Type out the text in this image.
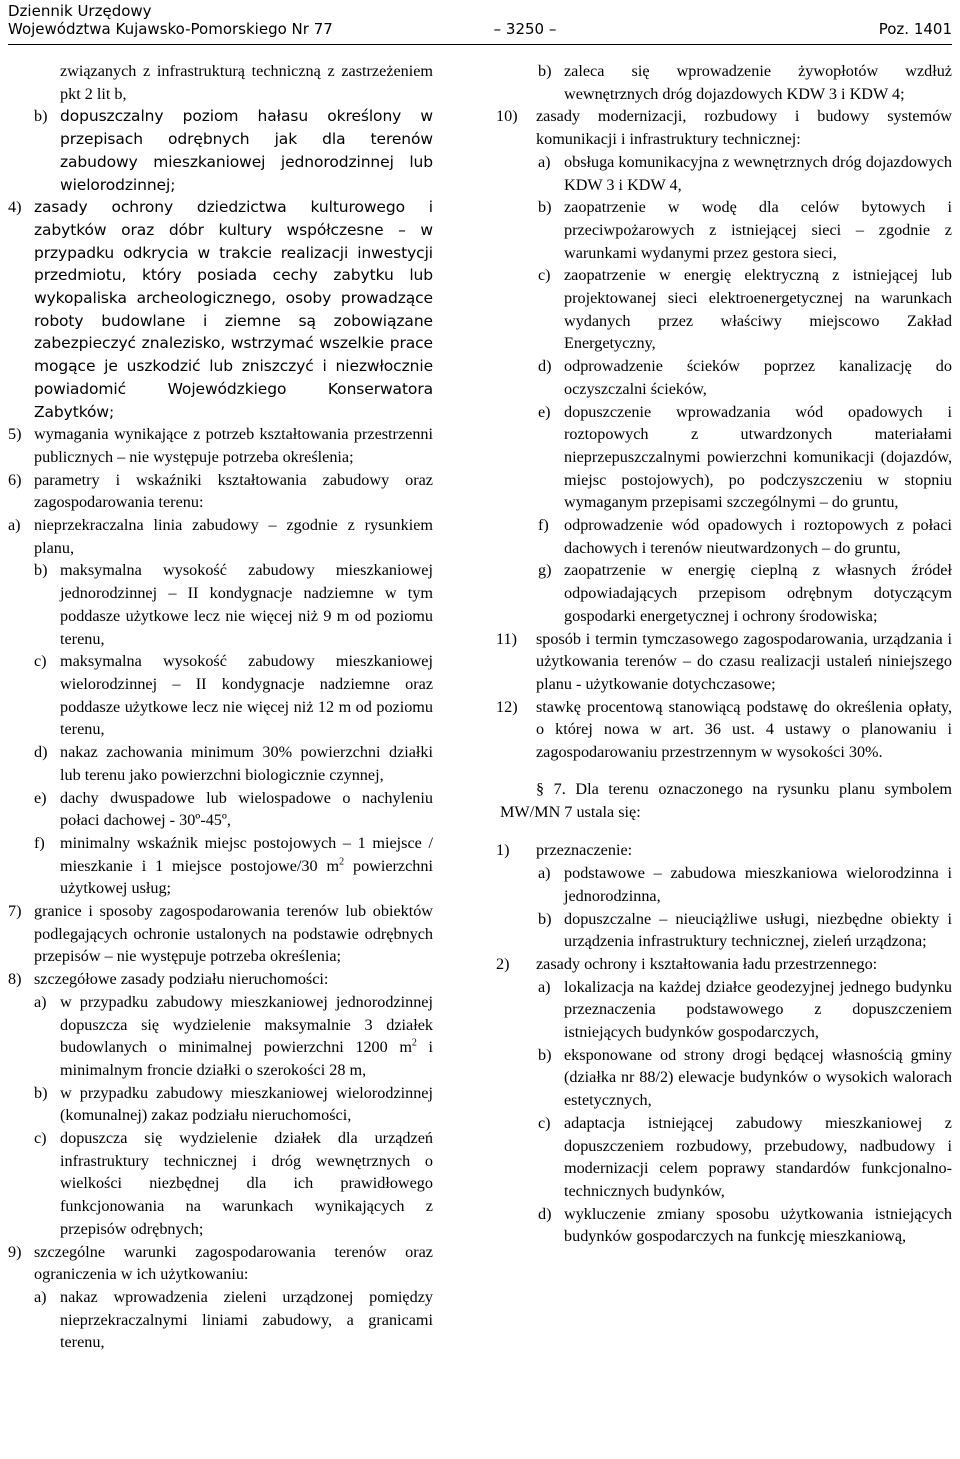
Dziennik Urzędowy
Województwa Kujawsko-Pomorskiego Nr 77	– 3250 –	Poz. 1401

związanych z infrastrukturą techniczną z zastrzeżeniem pkt 2 lit b,

b) dopuszczalny poziom hałasu określony w przepisach odrębnych jak dla terenów zabudowy mieszkaniowej jednorodzinnej lub wielorodzinnej;

4) zasady ochrony dziedzictwa kulturowego i zabytków oraz dóbr kultury współczesne – w przypadku odkrycia w trakcie realizacji inwestycji przedmiotu, który posiada cechy zabytku lub wykopaliska archeologicznego, osoby prowadzące roboty budowlane i ziemne są zobowiązane zabezpieczyć znalezisko, wstrzymać wszelkie prace mogące je uszkodzić lub zniszczyć i niezwłocznie powiadomić Wojewódzkiego Konserwatora Zabytków;

5) wymagania wynikające z potrzeb kształtowania przestrzenni publicznych – nie występuje potrzeba określenia;

6) parametry i wskaźniki kształtowania zabudowy oraz zagospodarowania terenu:

a) nieprzekraczalna linia zabudowy – zgodnie z rysunkiem planu,

b) maksymalna wysokość zabudowy mieszkaniowej jednorodzinnej – II kondygnacje nadziemne w tym poddasze użytkowe lecz nie więcej niż 9 m od poziomu terenu,

c) maksymalna wysokość zabudowy mieszkaniowej wielorodzinnej – II kondygnacje nadziemne oraz poddasze użytkowe lecz nie więcej niż 12 m od poziomu terenu,

d) nakaz zachowania minimum 30% powierzchni działki lub terenu jako powierzchni biologicznie czynnej,

e) dachy dwuspadowe lub wielospadowe o nachyleniu połaci dachowej - 30º-45º,

f) minimalny wskaźnik miejsc postojowych – 1 miejsce / mieszkanie i 1 miejsce postojowe/30 $m^2$ powierzchni użytkowej usług;

7) granice i sposoby zagospodarowania terenów lub obiektów podlegających ochronie ustalonych na podstawie odrębnych przepisów – nie występuje potrzeba określenia;

8) szczegółowe zasady podziału nieruchomości:

a) w przypadku zabudowy mieszkaniowej jednorodzinnej dopuszcza się wydzielenie maksymalnie 3 działek budowlanych o minimalnej powierzchni 1200 $m^2$ i minimalnym froncie działki o szerokości 28 m,

b) w przypadku zabudowy mieszkaniowej wielorodzinnej (komunalnej) zakaz podziału nieruchomości,

c) dopuszcza się wydzielenie działek dla urządzeń infrastruktury technicznej i dróg wewnętrznych o wielkości niezbędnej dla ich prawidłowego funkcjonowania na warunkach wynikających z przepisów odrębnych;

9) szczególne warunki zagospodarowania terenów oraz ograniczenia w ich użytkowaniu:

a) nakaz wprowadzenia zieleni urządzonej pomiędzy nieprzekraczalnymi liniami zabudowy, a granicami terenu,

b) zaleca się wprowadzenie żywopłotów wzdłuż wewnętrznych dróg dojazdowych KDW 3 i KDW 4;

10) zasady modernizacji, rozbudowy i budowy systemów komunikacji i infrastruktury technicznej:

a) obsługa komunikacyjna z wewnętrznych dróg dojazdowych KDW 3 i KDW 4,

b) zaopatrzenie w wodę dla celów bytowych i przeciwpożarowych z istniejącej sieci – zgodnie z warunkami wydanymi przez gestora sieci,

c) zaopatrzenie w energię elektryczną z istniejącej lub projektowanej sieci elektroenergetycznej na warunkach wydanych przez właściwy miejscowo Zakład Energetyczny,

d) odprowadzenie ścieków poprzez kanalizację do oczyszczalni ścieków,

e) dopuszczenie wprowadzania wód opadowych i roztopowych z utwardzonych materiałami nieprzepuszczalnymi powierzchni komunikacji (dojazdów, miejsc postojowych), po podczyszczeniu w stopniu wymaganym przepisami szczególnymi – do gruntu,

f) odprowadzenie wód opadowych i roztopowych z połaci dachowych i terenów nieutwardzonych – do gruntu,

g) zaopatrzenie w energię cieplną z własnych źródeł odpowiadających przepisom odrębnym dotyczącym gospodarki energetycznej i ochrony środowiska;

11) sposób i termin tymczasowego zagospodarowania, urządzania i użytkowania terenów – do czasu realizacji ustaleń niniejszego planu - użytkowanie dotychczasowe;

12) stawkę procentową stanowiącą podstawę do określenia opłaty, o której nowa w art. 36 ust. 4 ustawy o planowaniu i zagospodarowaniu przestrzennym w wysokości 30%.

§ 7. Dla terenu oznaczonego na rysunku planu symbolem MW/MN 7 ustala się:

1) przeznaczenie:

a) podstawowe – zabudowa mieszkaniowa wielorodzinna i jednorodzinna,

b) dopuszczalne – nieuciążliwe usługi, niezbędne obiekty i urządzenia infrastruktury technicznej, zieleń urządzona;

2) zasady ochrony i kształtowania ładu przestrzennego:

a) lokalizacja na każdej działce geodezyjnej jednego budynku przeznaczenia podstawowego z dopuszczeniem istniejących budynków gospodarczych,

b) eksponowane od strony drogi będącej własnością gminy (działka nr 88/2) elewacje budynków o wysokich walorach estetycznych,

c) adaptacja istniejącej zabudowy mieszkaniowej z dopuszczeniem rozbudowy, przebudowy, nadbudowy i modernizacji celem poprawy standardów funkcjonalno-technicznych budynków,

d) wykluczenie zmiany sposobu użytkowania istniejących budynków gospodarczych na funkcję mieszkaniową,
